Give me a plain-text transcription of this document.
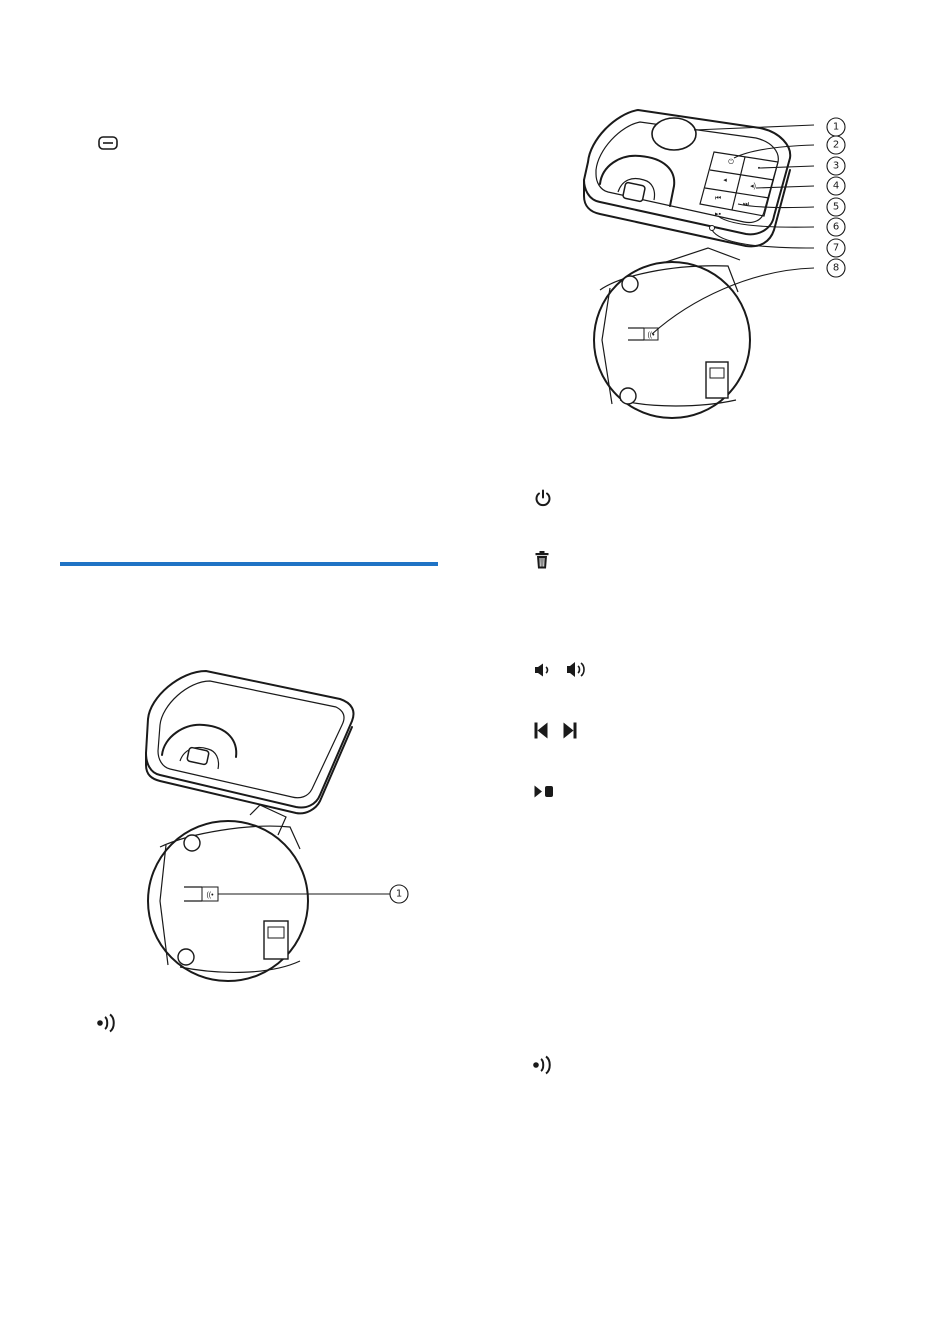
⏻
▪
◂
◂)
⏮
⏭
▸▪
((•
1
2
3
4
5
6
7
8
((•	1
